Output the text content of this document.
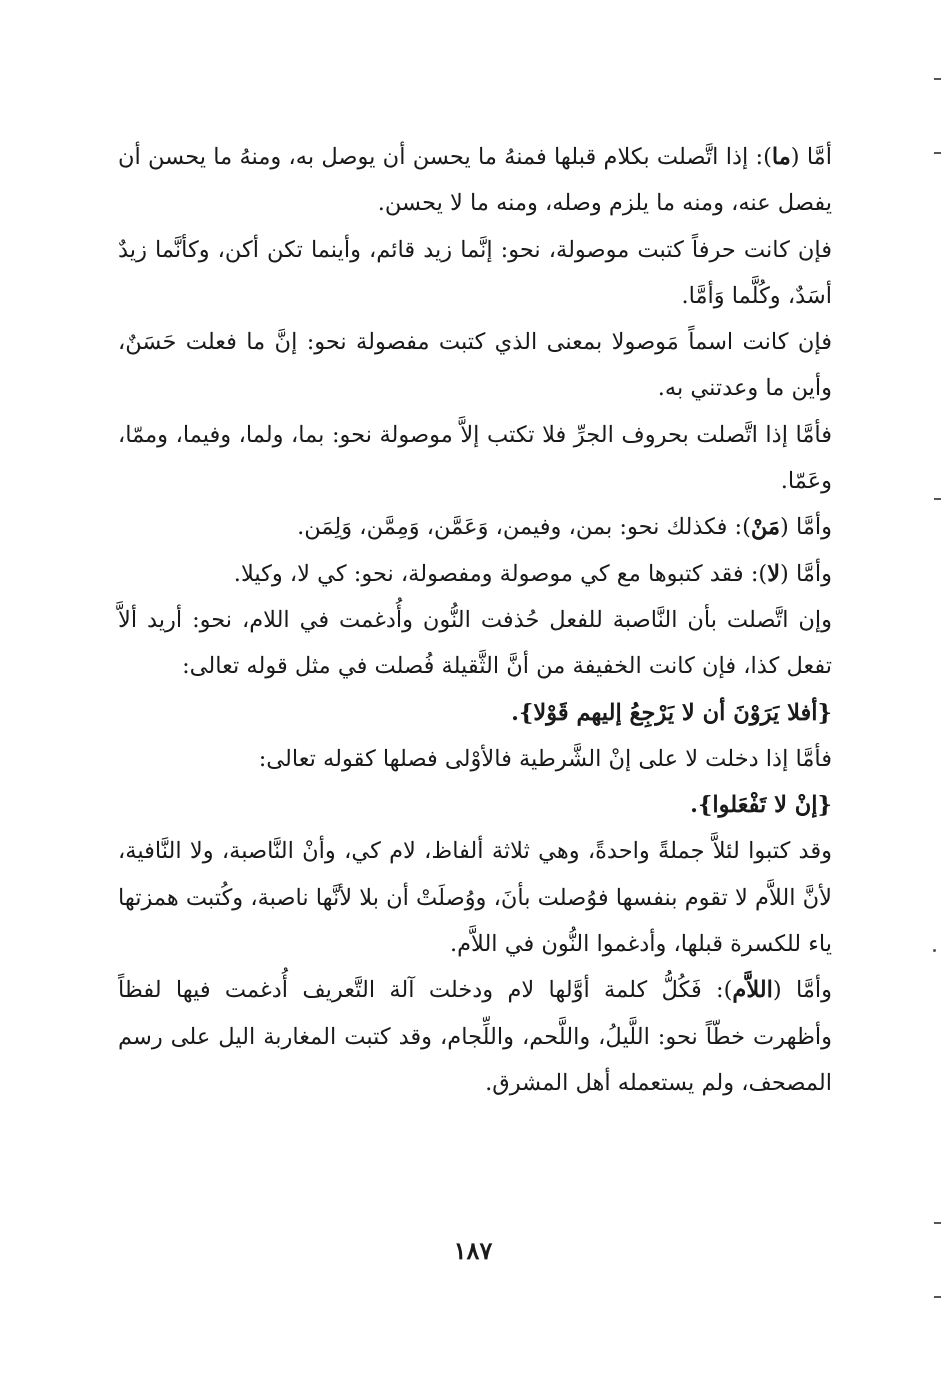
أمَّا (ما): إذا اتَّصلت بكلام قبلها فمنهُ ما يحسن أن يوصل به، ومنهُ ما يحسن أن يفصل عنه، ومنه ما يلزم وصله، ومنه ما لا يحسن.

فإن كانت حرفاً كتبت موصولة، نحو: إنَّما زيد قائم، وأينما تكن أكن، وكأنَّما زيدٌ أسَدٌ، وكُلَّما وَأمَّا.

فإن كانت اسماً مَوصولا بمعنى الذي كتبت مفصولة نحو: إنَّ ما فعلت حَسَنٌ، وأين ما وعدتني به.

فأمَّا إذا اتَّصلت بحروف الجرِّ فلا تكتب إلاَّ موصولة نحو: بما، ولما، وفيما، وممّا، وعَمّا.

وأمَّا (مَنْ): فكذلك نحو: بمن، وفيمن، وَعَمَّن، وَمِمَّن، وَلِمَن.

وأمَّا (لا): فقد كتبوها مع كي موصولة ومفصولة، نحو: كي لا، وكيلا.

وإن اتَّصلت بأن النَّاصبة للفعل حُذفت النُّون وأُدغمت في اللام، نحو: أريد ألاَّ تفعل كذا، فإن كانت الخفيفة من أنَّ الثَّقيلة فُصلت في مثل قوله تعالى:

{أفلا يَرَوْنَ أن لا يَرْجِعُ إليهم قَوْلا}.

فأمَّا إذا دخلت لا على إنْ الشَّرطية فالأوْلى فصلها كقوله تعالى:

{إنْ لا تَفْعَلوا}.

وقد كتبوا لئلاَّ جملةً واحدةً، وهي ثلاثة ألفاظ، لام كي، وأنْ النَّاصبة، ولا النَّافية، لأنَّ اللاَّم لا تقوم بنفسها فوُصلت بأنَ، ووُصلَتْ أن بلا لأنَّها ناصبة، وكُتبت همزتها ياء للكسرة قبلها، وأدغموا النُّون في اللاَّم.

وأمَّا (اللاَّم): فَكُلُّ كلمة أوَّلها لام ودخلت آلة التَّعريف أُدغمت فيها لفظاً وأظهرت خطّاً نحو: اللَّيلُ، واللَّحم، واللِّجام، وقد كتبت المغاربة اليل على رسم المصحف، ولم يستعمله أهل المشرق.

١٨٧
